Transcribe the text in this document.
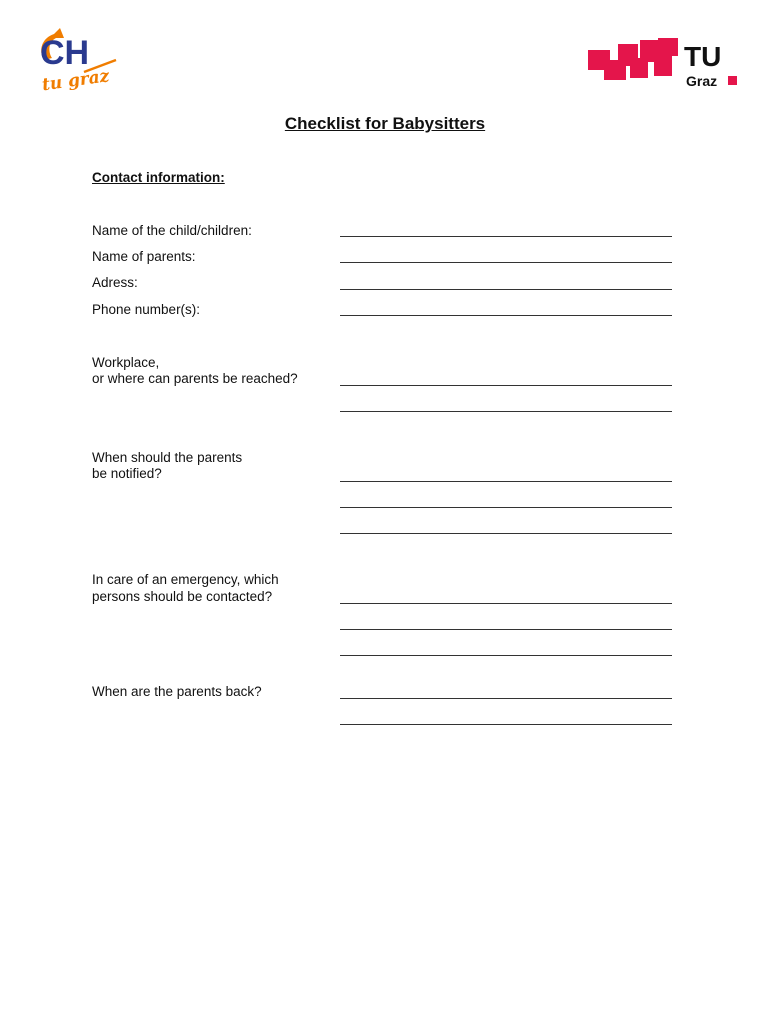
CH
tu graz
TU
Graz
Checklist for Babysitters
Contact information:
Name of the child/children:
Name of parents:
Adress:
Phone number(s):
Workplace,
or where can parents be reached?
When should the parents
be notified?
In care of an emergency, which
persons should be contacted?
When are the parents back?
